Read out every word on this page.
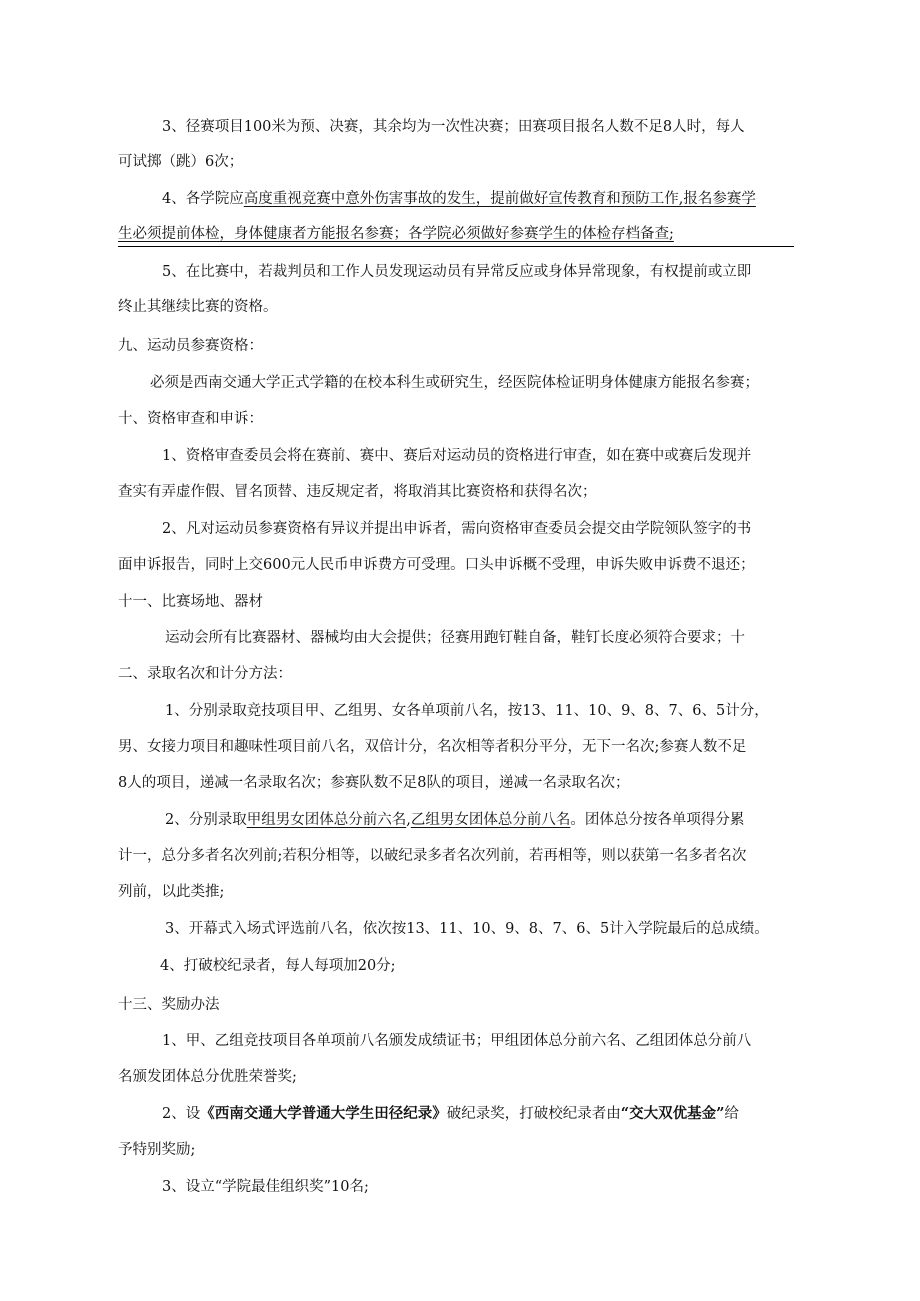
3、径赛项目100米为预、决赛，其余均为一次性决赛；田赛项目报名人数不足8人时，每人
可试掷（跳）6次；
4、各学院应高度重视竞赛中意外伤害事故的发生，提前做好宣传教育和预防工作,报名参赛学
生必须提前体检，身体健康者方能报名参赛；各学院必须做好参赛学生的体检存档备查;
5、在比赛中，若裁判员和工作人员发现运动员有异常反应或身体异常现象，有权提前或立即
终止其继续比赛的资格。
九、运动员参赛资格：
必须是西南交通大学正式学籍的在校本科生或研究生，经医院体检证明身体健康方能报名参赛；
十、资格审查和申诉：
1、资格审查委员会将在赛前、赛中、赛后对运动员的资格进行审查，如在赛中或赛后发现并
查实有弄虚作假、冒名顶替、违反规定者，将取消其比赛资格和获得名次；
2、凡对运动员参赛资格有异议并提出申诉者，需向资格审查委员会提交由学院领队签字的书
面申诉报告，同时上交600元人民币申诉费方可受理。口头申诉概不受理，申诉失败申诉费不退还；
十一、比赛场地、器材
运动会所有比赛器材、器械均由大会提供；径赛用跑钉鞋自备，鞋钉长度必须符合要求；十
二、录取名次和计分方法：
1、分别录取竞技项目甲、乙组男、女各单项前八名，按13、11、10、9、8、7、6、5计分，
男、女接力项目和趣味性项目前八名，双倍计分，名次相等者积分平分，无下一名次;参赛人数不足
8人的项目，递减一名录取名次；参赛队数不足8队的项目，递减一名录取名次；
2、分别录取甲组男女团体总分前六名,乙组男女团体总分前八名。团体总分按各单项得分累
计一，总分多者名次列前;若积分相等，以破纪录多者名次列前，若再相等，则以获第一名多者名次
列前，以此类推;
3、开幕式入场式评选前八名，依次按13、11、10、9、8、7、6、5计入学院最后的总成绩。
4、打破校纪录者，每人每项加20分;
十三、奖励办法
1、甲、乙组竞技项目各单项前八名颁发成绩证书；甲组团体总分前六名、乙组团体总分前八
名颁发团体总分优胜荣誉奖;
2、设《西南交通大学普通大学生田径纪录》破纪录奖，打破校纪录者由“交大双优基金”给
予特别奖励;
3、设立“学院最佳组织奖”10名;
